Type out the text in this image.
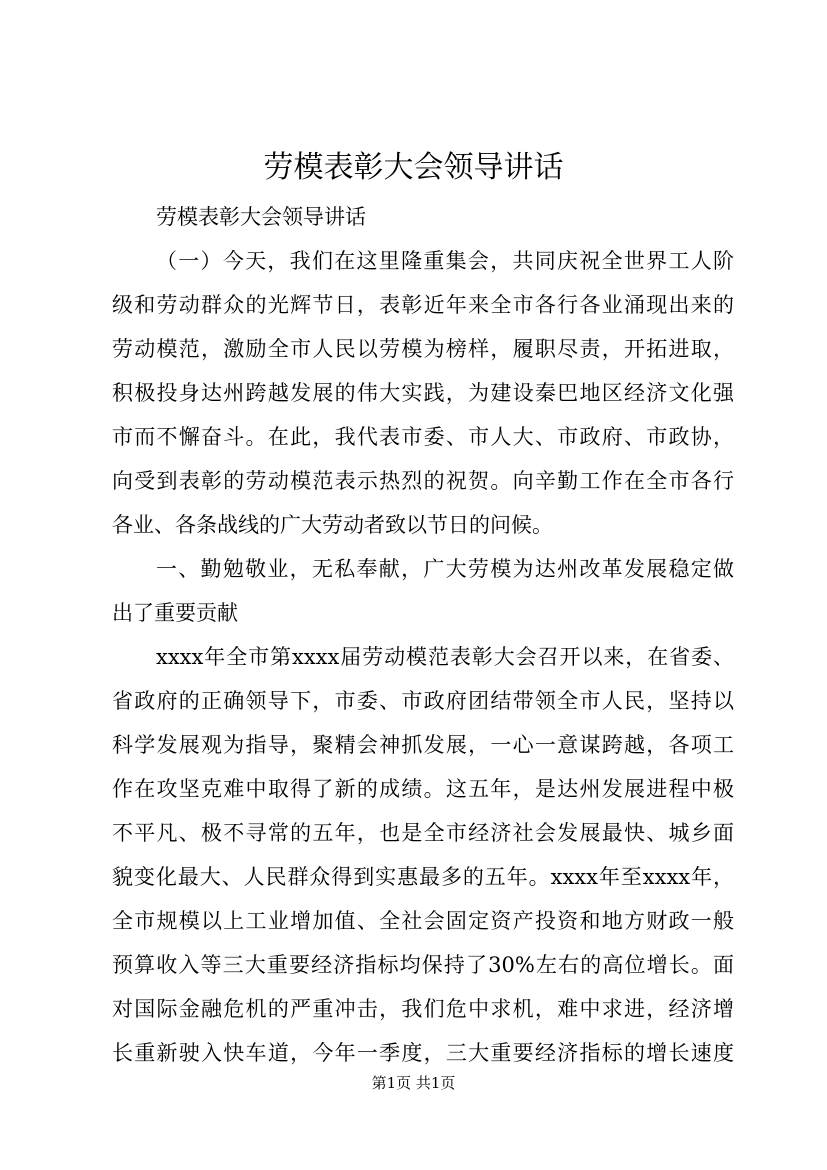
劳模表彰大会领导讲话
劳模表彰大会领导讲话
（一）今天，我们在这里隆重集会，共同庆祝全世界工人阶
级和劳动群众的光辉节日，表彰近年来全市各行各业涌现出来的
劳动模范，激励全市人民以劳模为榜样，履职尽责，开拓进取，
积极投身达州跨越发展的伟大实践，为建设秦巴地区经济文化强
市而不懈奋斗。在此，我代表市委、市人大、市政府、市政协，
向受到表彰的劳动模范表示热烈的祝贺。向辛勤工作在全市各行
各业、各条战线的广大劳动者致以节日的问候。
一、勤勉敬业，无私奉献，广大劳模为达州改革发展稳定做
出了重要贡献
xxxx年全市第xxxx届劳动模范表彰大会召开以来，在省委、
省政府的正确领导下，市委、市政府团结带领全市人民，坚持以
科学发展观为指导，聚精会神抓发展，一心一意谋跨越，各项工
作在攻坚克难中取得了新的成绩。这五年，是达州发展进程中极
不平凡、极不寻常的五年，也是全市经济社会发展最快、城乡面
貌变化最大、人民群众得到实惠最多的五年。xxxx年至xxxx年，
全市规模以上工业增加值、全社会固定资产投资和地方财政一般
预算收入等三大重要经济指标均保持了30%左右的高位增长。面
对国际金融危机的严重冲击，我们危中求机，难中求进，经济增
长重新驶入快车道，今年一季度，三大重要经济指标的增长速度
第1页 共1页
